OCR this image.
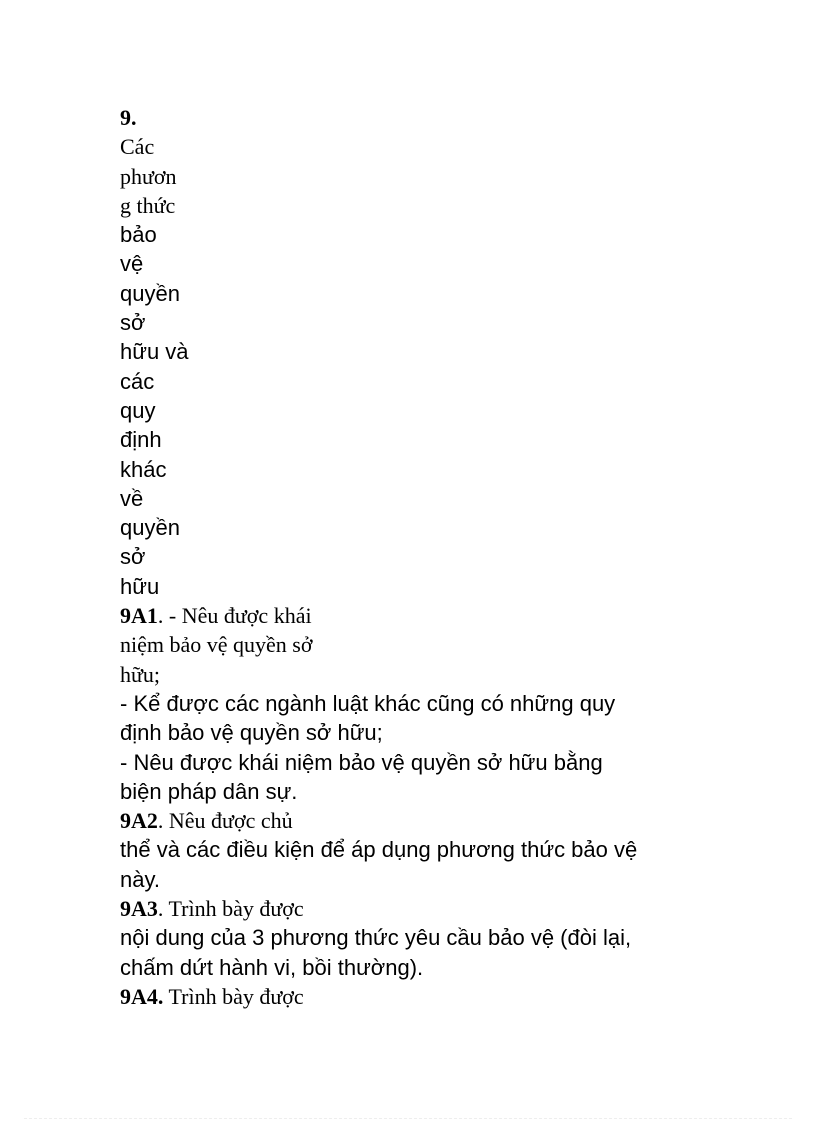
9.
Các
phươn
g thức
bảo
vệ
quyền
sở
hữu và
các
quy
định
khác
về
quyền
sở
hữu
9A1. - Nêu được khái
niệm bảo vệ quyền sở
hữu;
- Kể được các ngành luật khác cũng có những quy
định bảo vệ quyền sở hữu;
- Nêu được khái niệm bảo vệ quyền sở hữu bằng
biện pháp dân sự.
9A2. Nêu được chủ
thể và các điều kiện để áp dụng phương thức bảo vệ
này.
9A3. Trình bày được
nội dung của 3 phương thức yêu cầu bảo vệ (đòi lại,
chấm dứt hành vi, bồi thường).
9A4. Trình bày được
